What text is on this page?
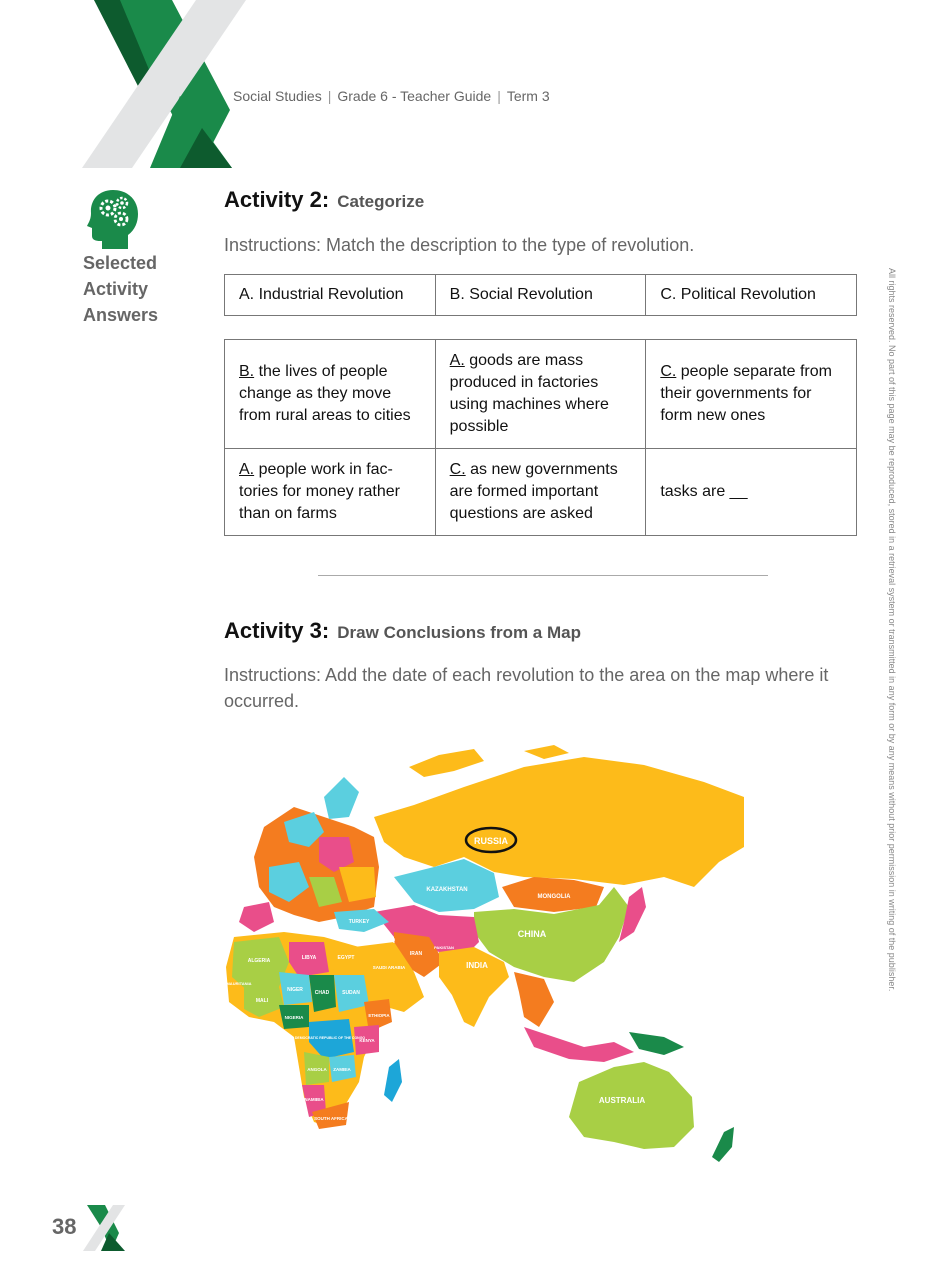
Social Studies | Grade 6 - Teacher Guide | Term 3
Selected
Activity
Answers
Activity 2: Categorize
Instructions: Match the description to the type of revolution.
A. Industrial Revolution	B. Social Revolution	C. Political Revolution
B. the lives of people change as they move from rural areas to cities	A. goods are mass produced in factories using machines where possible	C. people separate from their governments for form new ones
A. people work in fac-tories for money rather than on farms	C. as new governments are formed important questions are asked	tasks are __
Activity 3: Draw Conclusions from a Map
Instructions: Add the date of each revolution to the area on the map where it occurred.
RUSSIA
KAZAKHSTAN
MONGOLIA
CHINA
INDIA
AUSTRALIA
TURKEY
IRAN
IRAQ
ALGERIA	LIBYA	EGYPT
MALI
NIGER CHAD	SUDAN
SAUDI ARABIA
NIGERIA	ETHIOPIA
DEMOCRATIC REPUBLIC OF THE CONGO
ANGOLA ZAMBIA
NAMIBIA
SOUTH AFRICA
KENYA
MAURITANIA
PAKISTAN	All rights reserved. No part of this page may be reproduced, stored in a retrieval system or transmitted in any form or by any means without prior permission in writing of the publisher.
38
